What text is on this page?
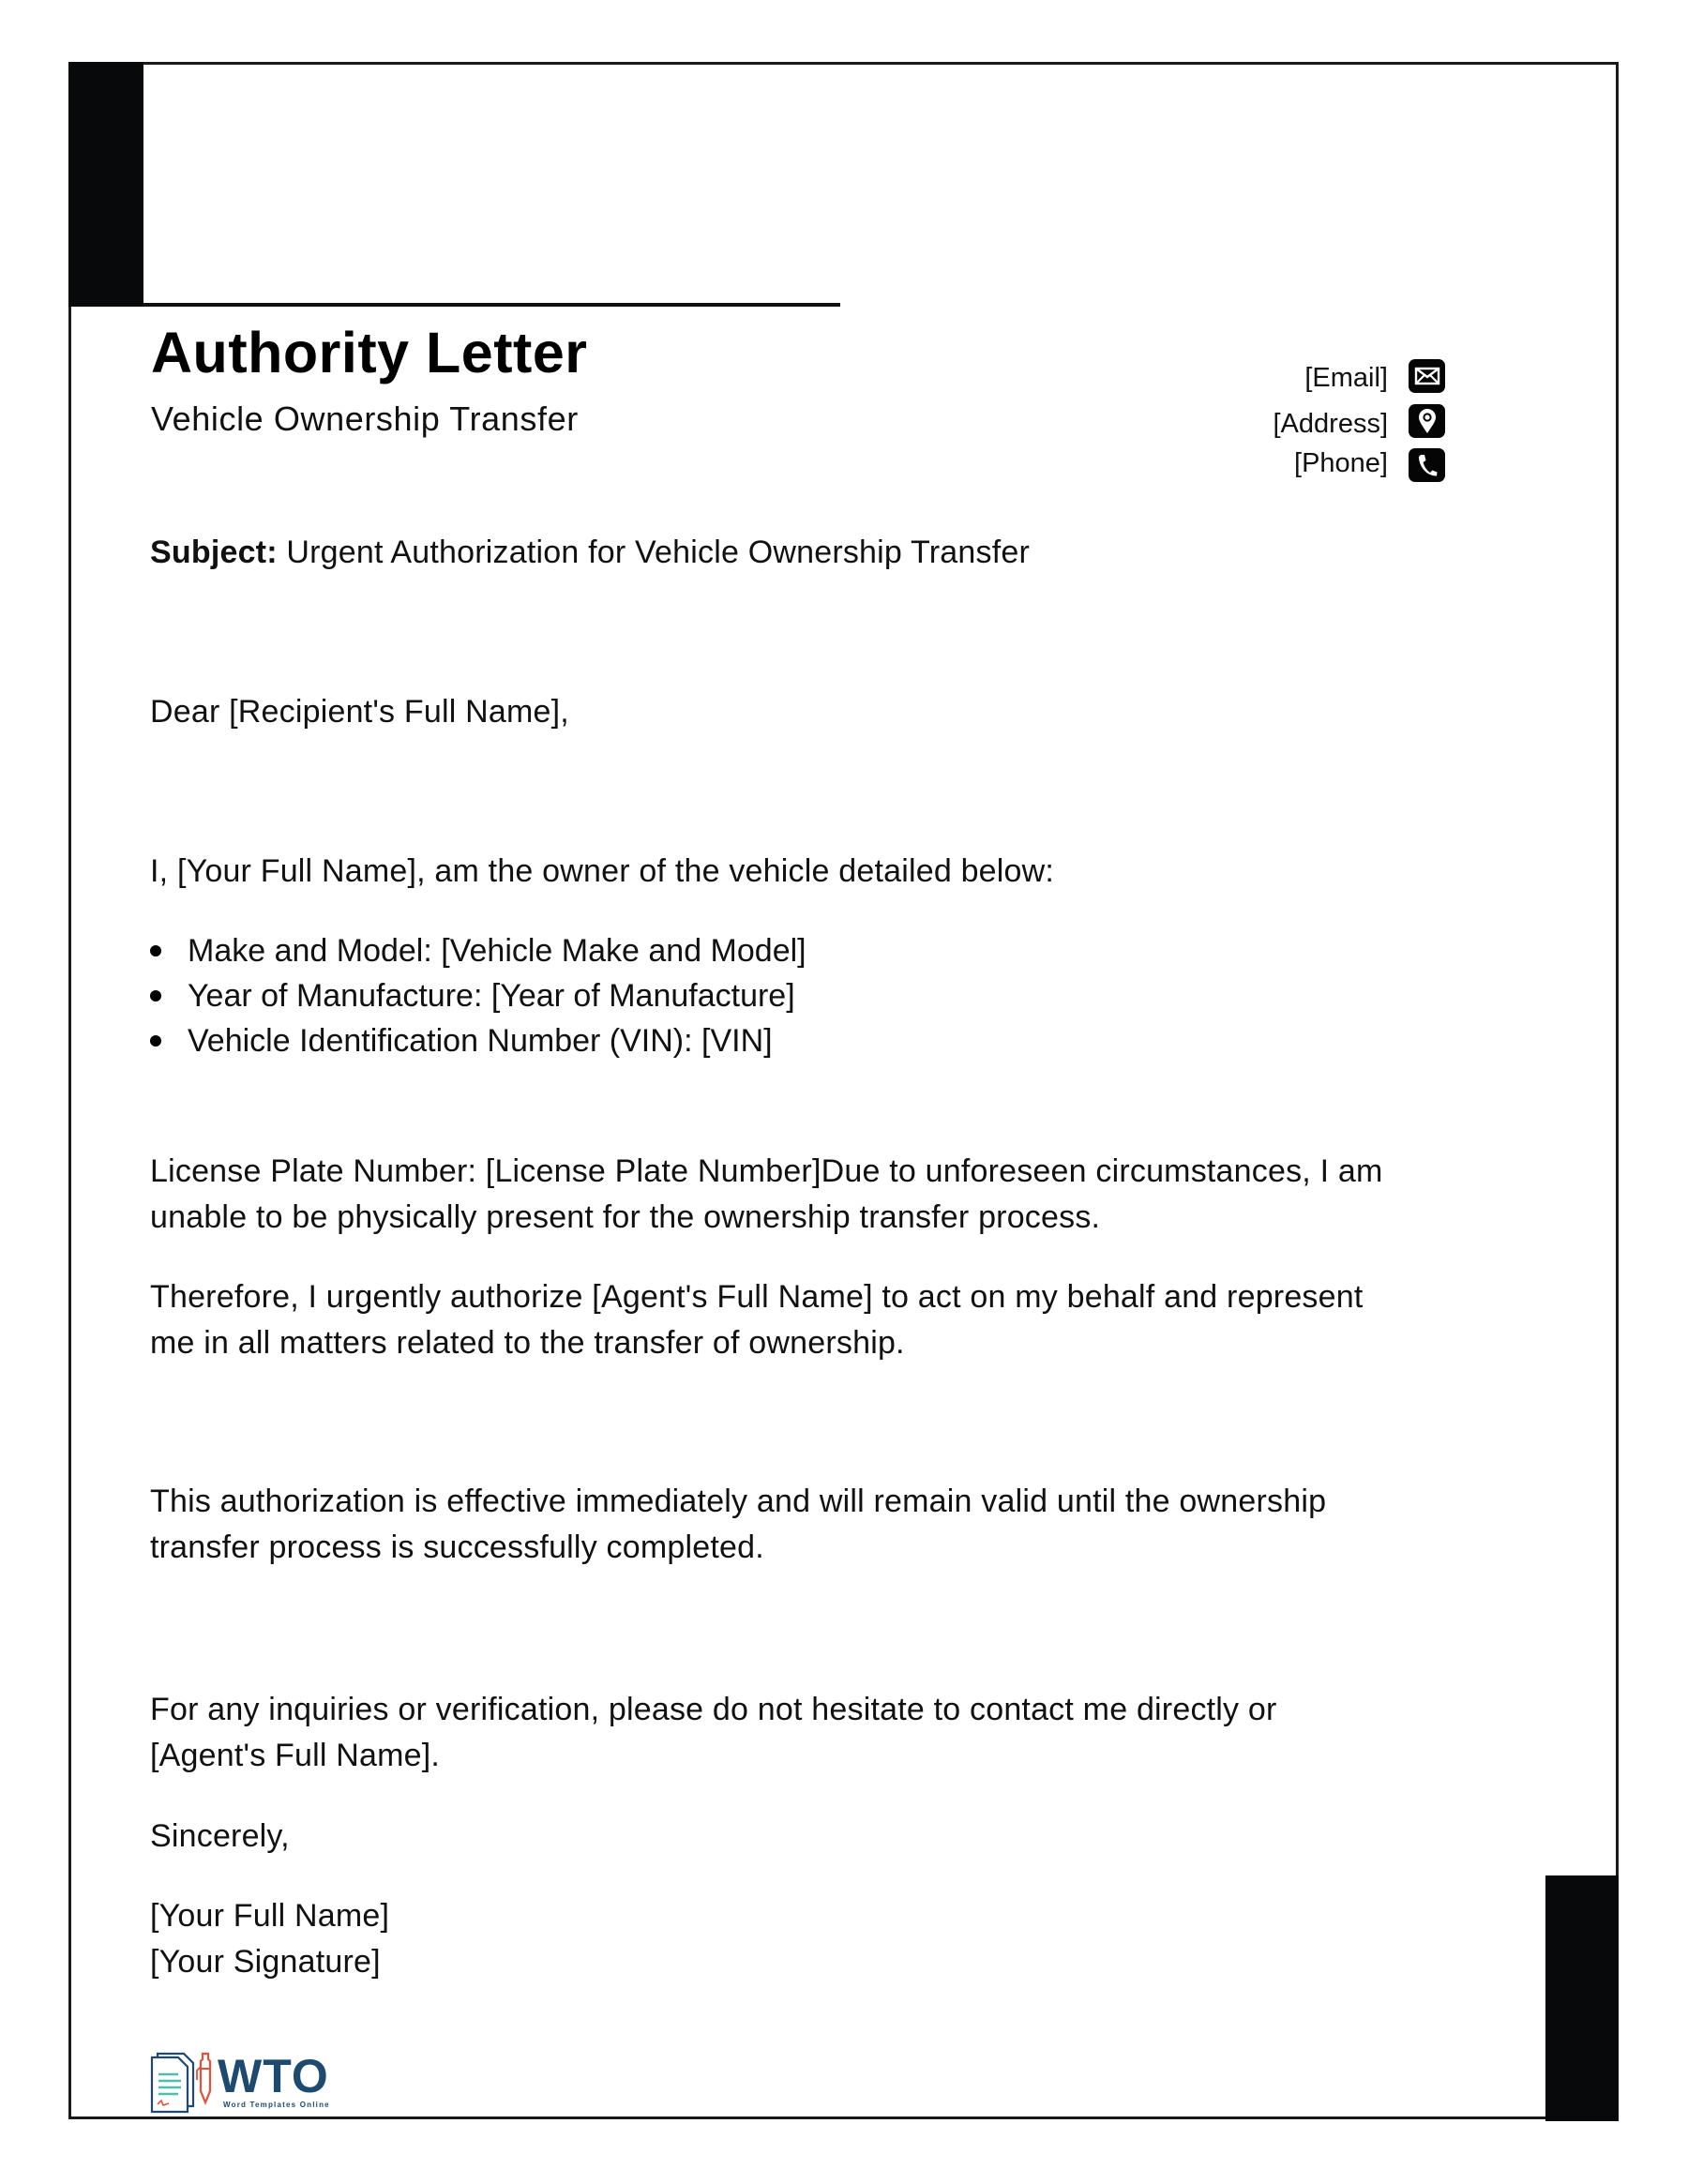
Authority Letter
Vehicle Ownership Transfer
[Email]
[Address]
[Phone]
Subject: Urgent Authorization for Vehicle Ownership Transfer
Dear [Recipient's Full Name],
I, [Your Full Name], am the owner of the vehicle detailed below:
Make and Model: [Vehicle Make and Model]
Year of Manufacture: [Year of Manufacture]
Vehicle Identification Number (VIN): [VIN]

License Plate Number: [License Plate Number]Due to unforeseen circumstances, I am

unable to be physically present for the ownership transfer process.

Therefore, I urgently authorize [Agent's Full Name] to act on my behalf and represent

me in all matters related to the transfer of ownership.

This authorization is effective immediately and will remain valid until the ownership

transfer process is successfully completed.

For any inquiries or verification, please do not hesitate to contact me directly or

[Agent's Full Name].

Sincerely,

[Your Full Name]

[Your Signature]

WTO
Word Templates Online
